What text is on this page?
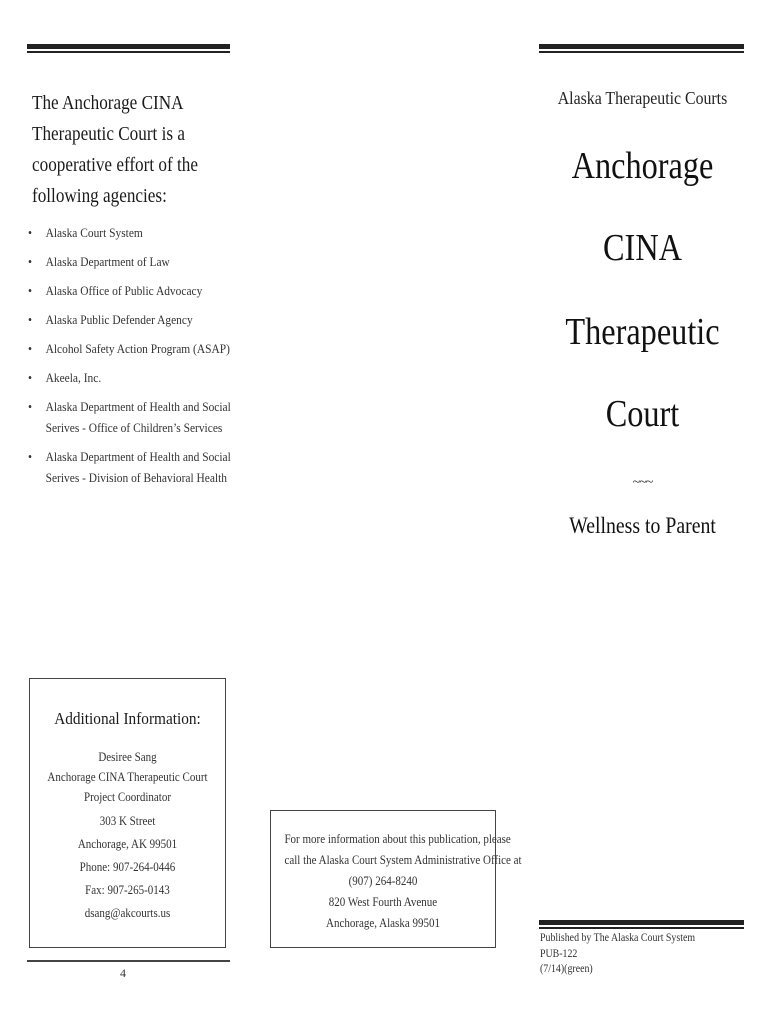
The Anchorage CINA
Therapeutic Court is a
cooperative effort of the
following agencies:
• Alaska Court System
• Alaska Department of Law
• Alaska Office of Public Advocacy
• Alaska Public Defender Agency
• Alcohol Safety Action Program (ASAP)
• Akeela, Inc.
• Alaska Department of Health and Social
Serives - Office of Children’s Services
• Alaska Department of Health and Social
Serives - Division of Behavioral Health
Additional Information:
Desiree Sang
Anchorage CINA Therapeutic Court
Project Coordinator
303 K Street
Anchorage, AK 99501
Phone: 907-264-0446
Fax: 907-265-0143
dsang@akcourts.us
4
For more information about this publication, please
call the Alaska Court System Administrative Office at
(907) 264-8240
820 West Fourth Avenue
Anchorage, Alaska 99501
Alaska Therapeutic Courts
Anchorage
CINA
Therapeutic
Court
~~~
Wellness to Parent
Published by The Alaska Court System
PUB-122
(7/14)(green)
